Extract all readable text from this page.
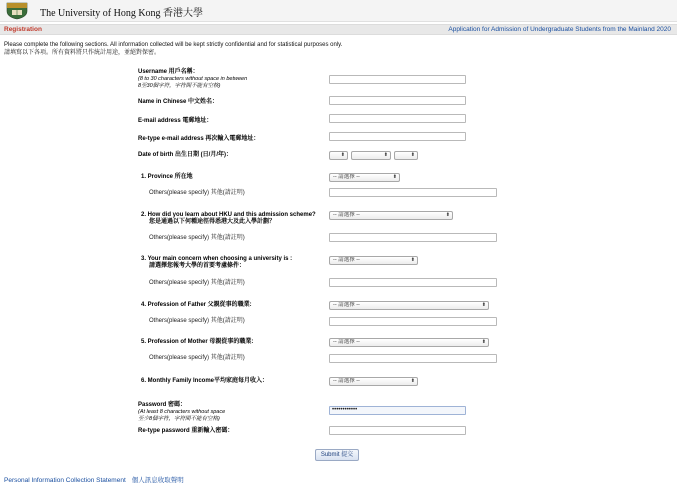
The University of Hong Kong 香港大學
Registration	Application for Admission of Undergraduate Students from the Mainland 2020
Please complete the following sections. All information collected will be kept strictly confidential and for statistical purposes only.
請填寫以下各項。所有資料將只作統計用途，並絕對保密。
Username 用戶名稱：
(8 to 30 characters without space in between
8至30個字符，字符間不能有空格)
Name in Chinese 中文姓名：
E-mail address 電郵地址：
Re-type e-mail address 再次輸入電郵地址：
Date of birth 出生日期 (日/月/年)：	⬍	⬍	⬍
1. Province 所在地	-- 請選擇 --	⬍
Others(please specify) 其他(請註明)
2. How did you learn about HKU and this admission scheme?
您是通過以下何種途徑得悉港大及此入學計劃？
-- 請選擇 --	⬍
Others(please specify) 其他(請註明)
3. Your main concern when choosing a university is :
請選擇您報考大學的首要考慮條件：
-- 請選擇 --	⬍
Others(please specify) 其他(請註明)
4. Profession of Father 父親從事的職業:	-- 請選擇 --	⬍
Others(please specify) 其他(請註明)
5. Profession of Mother 母親從事的職業:	-- 請選擇 --	⬍
Others(please specify) 其他(請註明)
6. Monthly Family Income平均家庭每月收入：	-- 請選擇 --	⬍
Password 密碼：
(At least 8 characters without space
至少8個字符，字符間不能有空格)
••••••••••••
Re-type password 重新輸入密碼：
Submit 提交
Personal Information Collection Statement 個人訊息收取聲明
